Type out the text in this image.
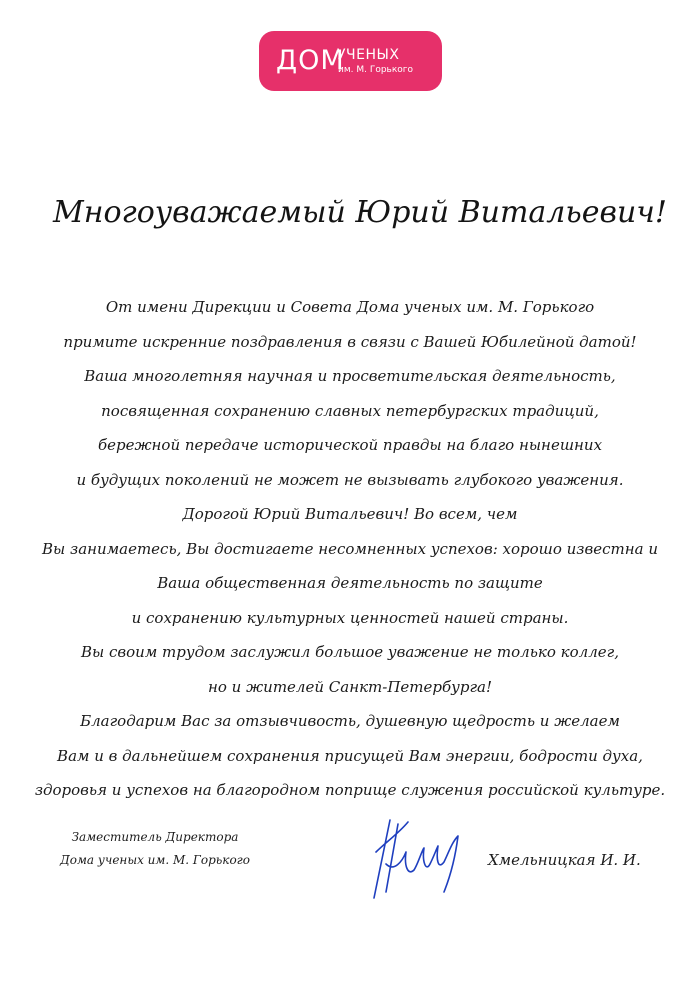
ДОМ
УЧЕНЫХ
им. М. Горького
Многоуважаемый Юрий Витальевич!
От имени Дирекции и Совета Дома ученых им. М. Горького
примите искренние поздравления в связи с Вашей Юбилейной датой!
Ваша многолетняя научная и просветительская деятельность,
посвященная сохранению славных петербургских традиций,
бережной передаче исторической правды на благо нынешних
и будущих поколений не может не вызывать глубокого уважения.
Дорогой Юрий Витальевич! Во всем, чем
Вы занимаетесь, Вы достигаете несомненных успехов: хорошо известна и
Ваша общественная деятельность по защите
и сохранению культурных ценностей нашей страны.
Вы своим трудом заслужил большое уважение не только коллег,
но и жителей Санкт-Петербурга!
Благодарим Вас за отзывчивость, душевную щедрость и желаем
Вам и в дальнейшем сохранения присущей Вам энергии, бодрости духа,
здоровья и успехов на благородном поприще служения российской культуре.
Заместитель Директора
Дома ученых им. М. Горького	Хмельницкая И. И.
